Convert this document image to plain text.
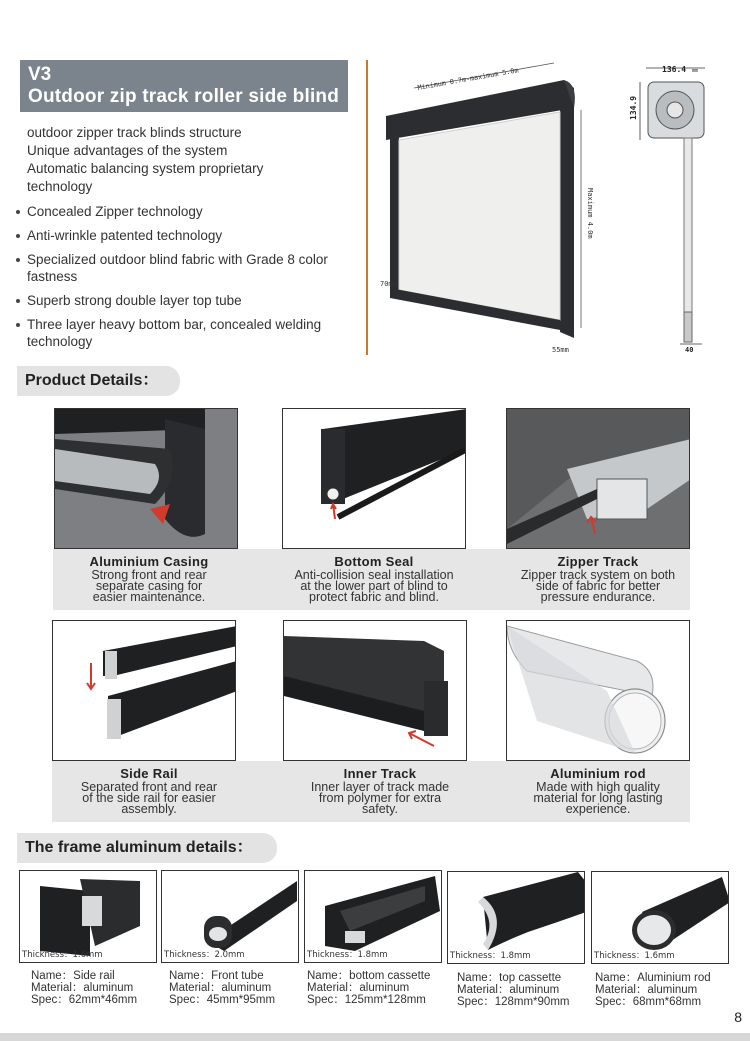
V3
Outdoor zip track roller side blind
outdoor zipper track blinds structure
Unique advantages of the system
Automatic balancing system proprietary
technology
Concealed Zipper technology
Anti-wrinkle patented technology
Specialized outdoor blind fabric with Grade 8 color fastness
Superb strong double layer top tube
Three layer heavy bottom bar, concealed welding technology
Minimum 0.7m-maximum 5.0m
Maximum 4.0m
70mm
55mm
136.4 mm
134.9
40
Product Details：
Aluminium Casing
Strong front and rear
separate casing for
easier maintenance.
Bottom Seal
Anti-collision seal installation
at the lower part of blind to
protect fabric and blind.
Zipper Track
Zipper track system on both
side of fabric for better
pressure endurance.
Side Rail
Separated front and rear
of the side rail for easier
assembly.
Inner Track
Inner layer of track made
from polymer for extra
safety.
Aluminium rod
Made with high quality
material for long lasting
experience.
The frame aluminum details：
Thickness：1.6mm	Thickness：2.0mm	Thickness：1.8mm	Thickness：1.8mm	Thickness：1.6mm
Name：Side rail
Material：aluminum
Spec：62mm*46mm
Name：Front tube
Material：aluminum
Spec：45mm*95mm
Name：bottom cassette
Material：aluminum
Spec：125mm*128mm
Name：top cassette
Material：aluminum
Spec：128mm*90mm
Name：Aluminium rod
Material：aluminum
Spec：68mm*68mm
8
